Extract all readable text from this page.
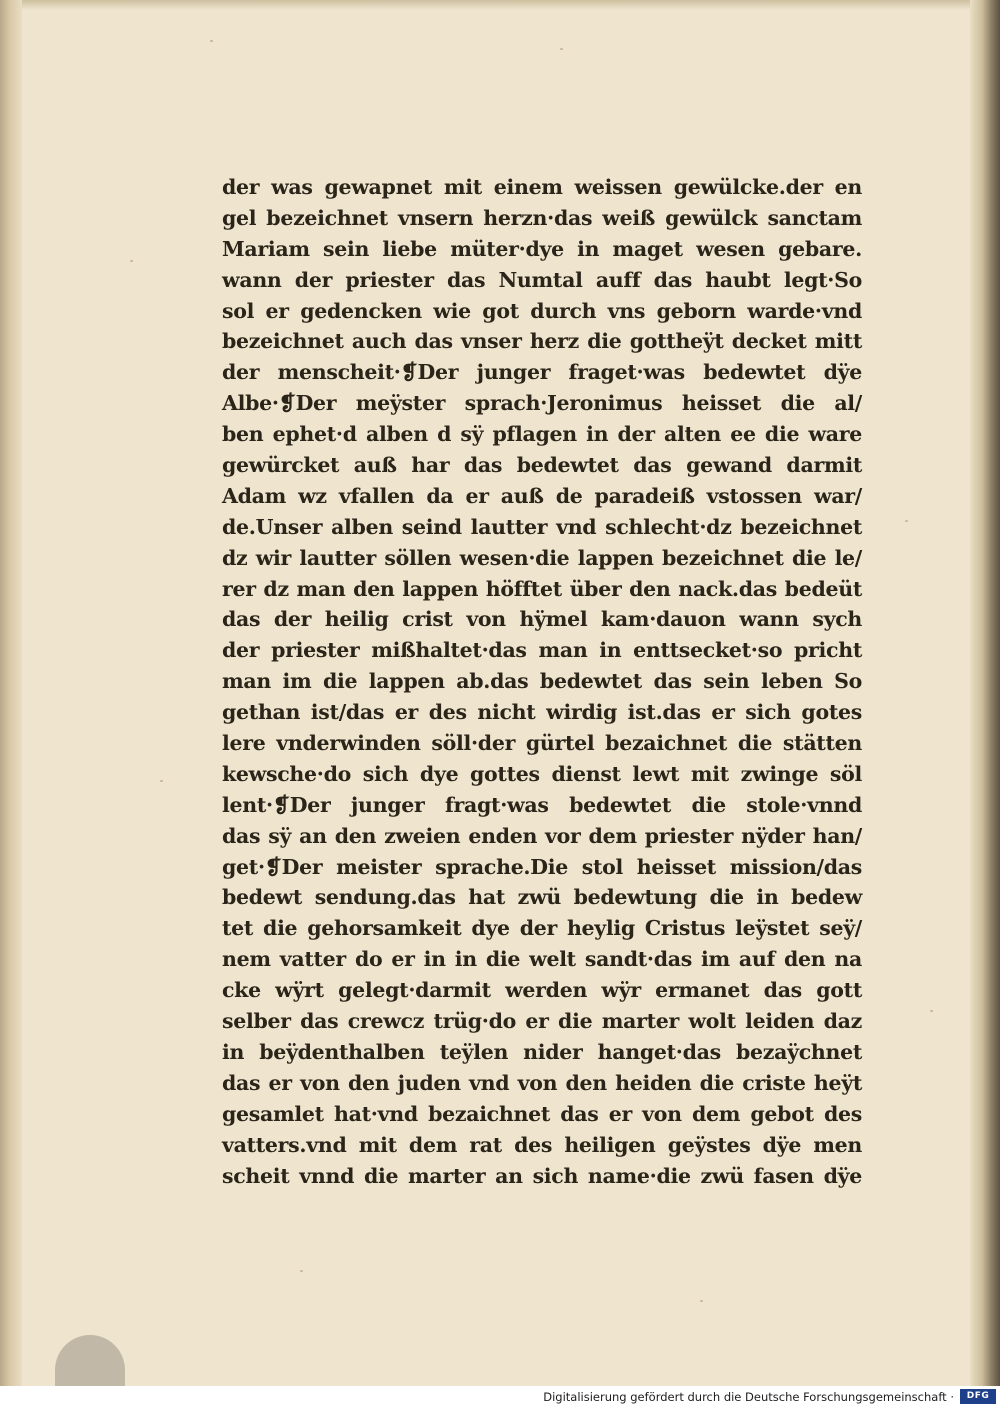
der was gewapnet mit einem weissen gewülcke.der en
gel bezeichnet vnsern herzn·das weiß gewülck sanctam
Mariam sein liebe müter·dye in maget wesen gebare.
wann der priester das Numtal auff das haubt legt·So
sol er gedencken wie got durch vns geborn warde·vnd
bezeichnet auch das vnser herz die gottheÿt decket mitt
der menscheit·❡Der junger fraget·was bedewtet dÿe
Albe·❡Der meÿster sprach·Jeronimus heisset die al/
ben ephet·d alben d sÿ pflagen in der alten ee die ware
gewürcket auß har das bedewtet das gewand darmit
Adam wz vfallen da er auß de paradeiß vstossen war/
de.Unser alben seind lautter vnd schlecht·dz bezeichnet
dz wir lautter söllen wesen·die lappen bezeichnet die le/
rer dz man den lappen höfftet über den nack.das bedeüt
das der heilig crist von hÿmel kam·dauon wann sych
der priester mißhaltet·das man in enttsecket·so pricht
man im die lappen ab.das bedewtet das sein leben So
gethan ist/das er des nicht wirdig ist.das er sich gotes
lere vnderwinden söll·der gürtel bezaichnet die stätten
kewsche·do sich dye gottes dienst lewt mit zwinge söl
lent·❡Der junger fragt·was bedewtet die stole·vnnd
das sÿ an den zweien enden vor dem priester nÿder han/
get·❡Der meister sprache.Die stol heisset mission/das
bedewt sendung.das hat zwü bedewtung die in bedew
tet die gehorsamkeit dye der heylig Cristus leÿstet seÿ/
nem vatter do er in in die welt sandt·das im auf den na
cke wÿrt gelegt·darmit werden wÿr ermanet das gott
selber das crewcz trüg·do er die marter wolt leiden daz
in beÿdenthalben teÿlen nider hanget·das bezaÿchnet
das er von den juden vnd von den heiden die criste heÿt
gesamlet hat·vnd bezaichnet das er von dem gebot des
vatters.vnd mit dem rat des heiligen geÿstes dÿe men
scheit vnnd die marter an sich name·die zwü fasen dÿe
Digitalisierung gefördert durch die Deutsche Forschungsgemeinschaft ·	DFG
